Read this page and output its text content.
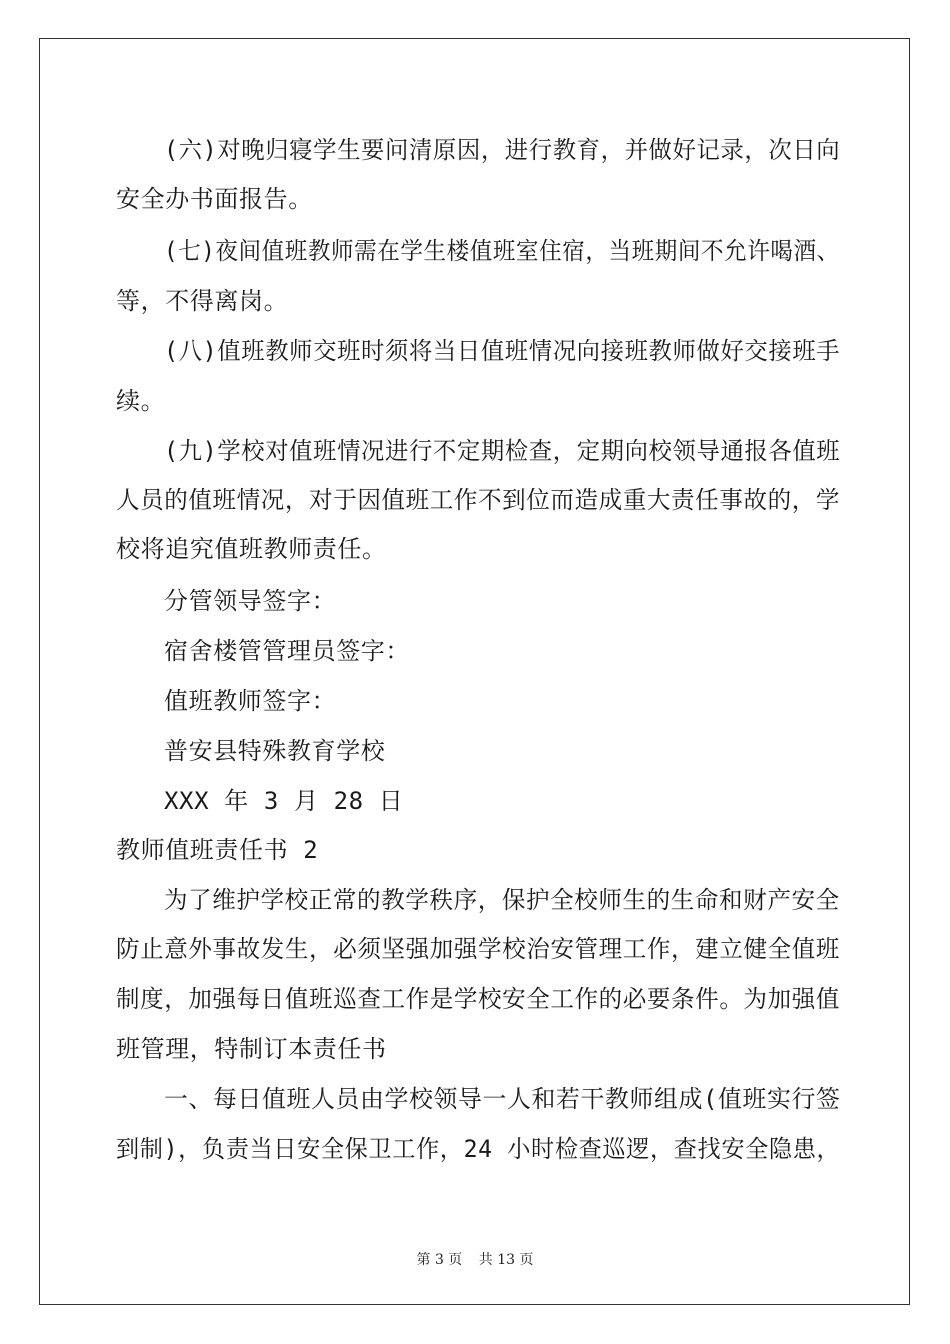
(六)对晚归寝学生要问清原因，进行教育，并做好记录，次日向
安全办书面报告。
(七)夜间值班教师需在学生楼值班室住宿，当班期间不允许喝酒、
等，不得离岗。
(八)值班教师交班时须将当日值班情况向接班教师做好交接班手
续。
(九)学校对值班情况进行不定期检查，定期向校领导通报各值班
人员的值班情况，对于因值班工作不到位而造成重大责任事故的，学
校将追究值班教师责任。
分管领导签字：
宿舍楼管管理员签字：
值班教师签字：
普安县特殊教育学校
XXX 年 3 月 28 日
教师值班责任书 2
为了维护学校正常的教学秩序，保护全校师生的生命和财产安全
防止意外事故发生，必须坚强加强学校治安管理工作，建立健全值班
制度，加强每日值班巡查工作是学校安全工作的必要条件。为加强值
班管理，特制订本责任书
一、每日值班人员由学校领导一人和若干教师组成(值班实行签
到制)，负责当日安全保卫工作，24 小时检查巡逻，查找安全隐患，
第 3 页 共 13 页
